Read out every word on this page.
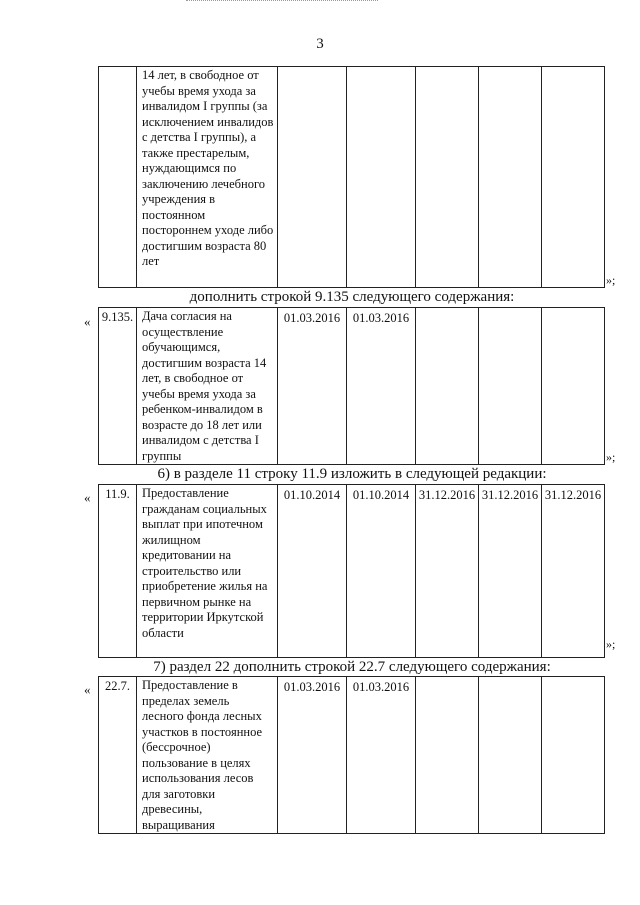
3
	14 лет, в свободное от учебы время ухода за инвалидом I группы (за исключением инвалидов с детства I группы), а также престарелым, нуждающимся по заключению лечебного учреждения в постоянном постороннем уходе либо достигшим возраста 80 лет					
»;
дополнить строкой 9.135 следующего содержания:
« 9.135.	Дача согласия на осуществление обучающимся, достигшим возраста 14 лет, в свободное от учебы время ухода за ребенком-инвалидом в возрасте до 18 лет или инвалидом с детства I группы	01.03.2016	01.03.2016			
»;
6) в разделе 11 строку 11.9 изложить в следующей редакции:
« 11.9.	Предоставление гражданам социальных выплат при ипотечном жилищном кредитовании на строительство или приобретение жилья на первичном рынке на территории Иркутской области	01.10.2014	01.10.2014	31.12.2016	31.12.2016	31.12.2016
»;
7) раздел 22 дополнить строкой 22.7 следующего содержания:
« 22.7.	Предоставление в пределах земель лесного фонда лесных участков в постоянное (бессрочное) пользование в целях использования лесов для заготовки древесины, выращивания	01.03.2016	01.03.2016			
